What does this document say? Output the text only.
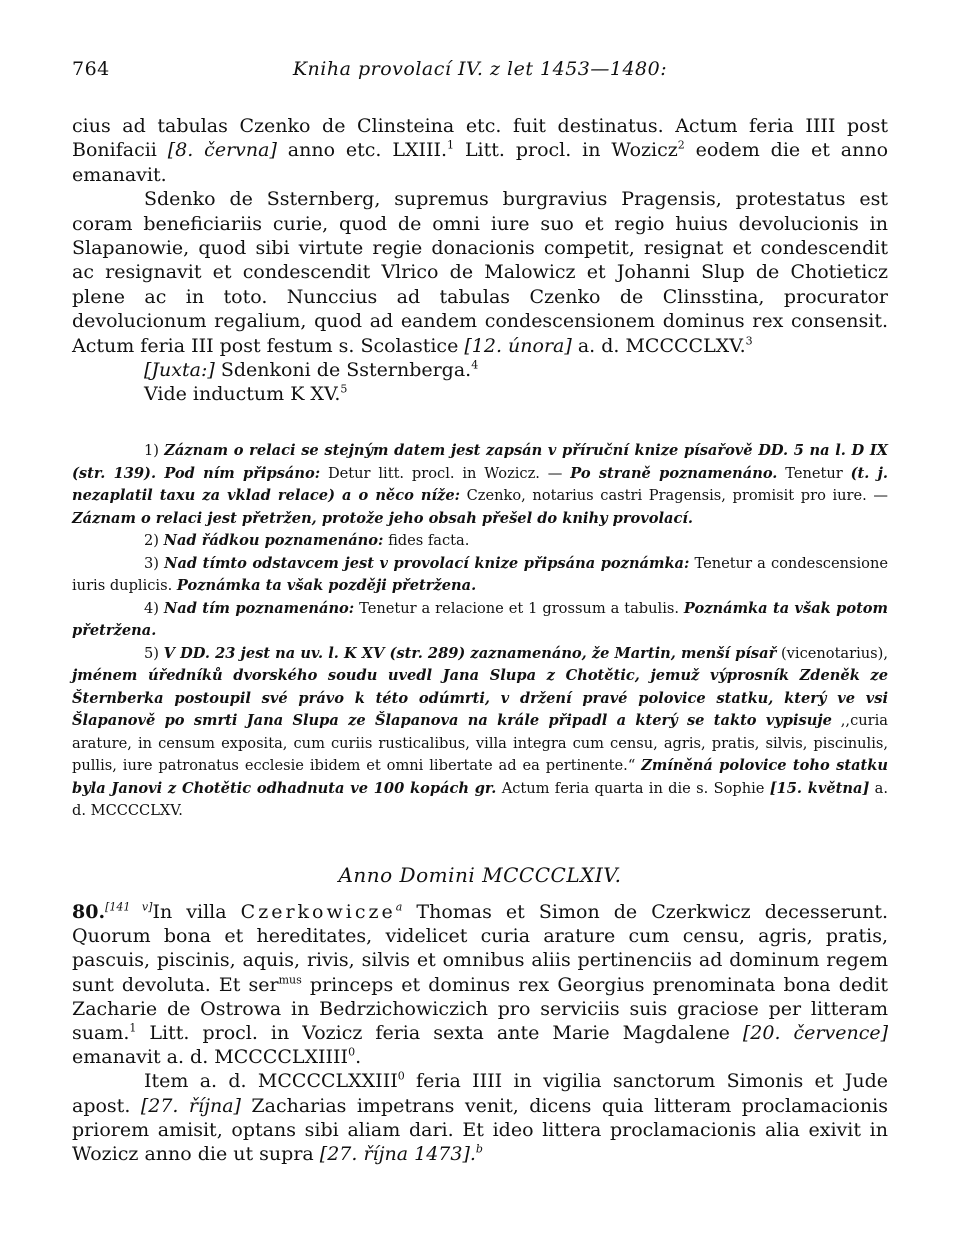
764	Kniha provolací IV. z let 1453—1480:

cius ad tabulas Czenko de Clinsteina etc. fuit destinatus. Actum feria IIII post Bonifacii [8. června] anno etc. LXIII.$^1$ Litt. procl. in Wozicz$^2$ eodem die et anno emanavit.

Sdenko de Ssternberg, supremus burgravius Pragensis, protestatus est coram beneficiariis curie, quod de omni iure suo et regio huius devolucionis in Slapanowie, quod sibi virtute regie donacionis competit, resignat et condescendit ac resignavit et condescendit Vlrico de Malowicz et Johanni Slup de Chotieticz plene ac in toto. Nunccius ad tabulas Czenko de Clinsstina, procurator devolucionum regalium, quod ad eandem condescensionem dominus rex consensit. Actum feria III post festum s. Scolastice [12. února] a. d. MCCCCLXV.$^3$

[Juxta:] Sdenkoni de Ssternberga.$^4$

Vide inductum K XV.$^5$

1) Záznam o relaci se stejným datem jest zapsán v příruční knize písařově DD. 5 na l. D IX (str. 139). Pod ním připsáno: Detur litt. procl. in Wozicz. — Po straně poznamenáno. Tenetur (t. j. nezaplatil taxu za vklad relace) a o něco níže: Czenko, notarius castri Pragensis, promisit pro iure. — Záznam o relaci jest přetržen, protože jeho obsah přešel do knihy provolací.

2) Nad řádkou poznamenáno: fides facta.

3) Nad tímto odstavcem jest v provolací knize připsána poznámka: Tenetur a condescensione iuris duplicis. Poznámka ta však později přetržena.

4) Nad tím poznamenáno: Tenetur a relacione et 1 grossum a tabulis. Poznámka ta však potom přetržena.

5) V DD. 23 jest na uv. l. K XV (str. 289) zaznamenáno, že Martin, menší písař (vicenotarius), jménem úředníků dvorského soudu uvedl Jana Slupa z Chotětic, jemuž výprosník Zdeněk ze Šternberka postoupil své právo k této odúmrti, v držení pravé polovice statku, který ve vsi Šlapanově po smrti Jana Slupa ze Šlapanova na krále připadl a který se takto vypisuje ,,curia arature, in censum exposita, cum curiis rusticalibus, villa integra cum censu, agris, pratis, silvis, piscinulis, pullis, iure patronatus ecclesie ibidem et omni libertate ad ea pertinente.“ Zmíněná polovice toho statku byla Janovi z Chotětic odhadnuta ve 100 kopách gr. Actum feria quarta in die s. Sophie [15. května] a. d. MCCCCLXV.

Anno Domini MCCCCLXIV.

80.[141 v]In villa Czerkowicze$^a$ Thomas et Simon de Czerkwicz decesserunt. Quorum bona et hereditates, videlicet curia arature cum censu, agris, pratis, pascuis, piscinis, aquis, rivis, silvis et omnibus aliis pertinenciis ad dominum regem sunt devoluta. Et ser$^{mus}$ princeps et dominus rex Georgius prenominata bona dedit Zacharie de Ostrowa in Bedrzichowiczich pro serviciis suis graciose per litteram suam.$^1$ Litt. procl. in Vozicz feria sexta ante Marie Magdalene [20. července] emanavit a. d. MCCCCLXIIII$^0$.

Item a. d. MCCCCLXXIII$^0$ feria IIII in vigilia sanctorum Simonis et Jude apost. [27. října] Zacharias impetrans venit, dicens quia litteram proclamacionis priorem amisit, optans sibi aliam dari. Et ideo littera proclamacionis alia exivit in Wozicz anno die ut supra [27. října 1473].$^b$
